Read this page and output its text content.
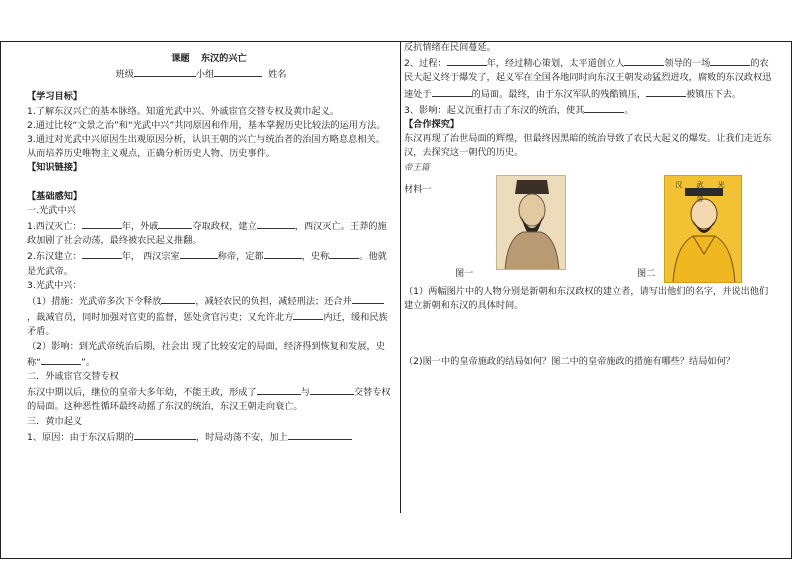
课题 东汉的兴亡

班级	小组	姓名

【学习目标】

1.了解东汉兴亡的基本脉络。知道光武中兴、外戚宦官交替专权及黄巾起义。

2.通过比较“文景之治”和“光武中兴”共同原因和作用，基本掌握历史比较法的运用方法。

3.通过对光武中兴原因生出观原因分析，认识王朝的兴亡与统治者的治国方略息息相关。从而培养历史唯物主义观点，正确分析历史人物、历史事件。

【知识链接】

【基础感知】

一.光武中兴

1.西汉灭亡：	年，外戚	夺取政权，建立	，西汉灭亡。王莽的施政加剧了社会动荡，最终被农民起义推翻。

2.东汉建立：	年， 西汉宗室	称帝，定都	，史称	。他就是光武帝。

3.光武中兴：

（1）措施：光武帝多次下令释放	，减轻农民的负担，减轻刑法；还合并，裁减官员，同时加强对官吏的监督，惩处贪官污吏；又允许北方	内迁，缓和民族矛盾。

（2）影响：到光武帝统治后期，社会出 现了比较安定的局面，经济得到恢复和发展，史称“	”。

二．外戚宦官交替专权

东汉中期以后，继位的皇帝大多年幼，不能王政，形成了	与	交替专权的局面。这种恶性循环最终动摇了东汉的统治，东汉王朝走向衰亡。

三．黄巾起义

1、原因：由于东汉后期的	，时局动荡不安，加上

反抗情绪在民间蔓延。

2、过程：	年，经过精心策划，太平道创立人	领导的一场	的农民大起义终于爆发了，起义军在全国各地同时向东汉王朝发动猛烈进攻，腐败的东汉政权迅速处于	的局面。最终，由于东汉军队的残酷镇压，	被镇压下去。

3、影响：起义沉重打击了东汉的统治，使其	。

【合作探究】

东汉再现了治世局面的辉煌，但最终因黑暗的统治导致了农民大起义的爆发。让我们走近东汉，去探究这一朝代的历史。

帝王篇

材料一	汉 武 光 帝
图一	图二

（1）两幅图片中的人物分别是新朝和东汉政权的建立者，请写出他们的名字，并说出他们建立新朝和东汉的具体时间。

（2)图一中的皇帝施政的结局如何？图二中的皇帝施政的措施有哪些？结局如何？
